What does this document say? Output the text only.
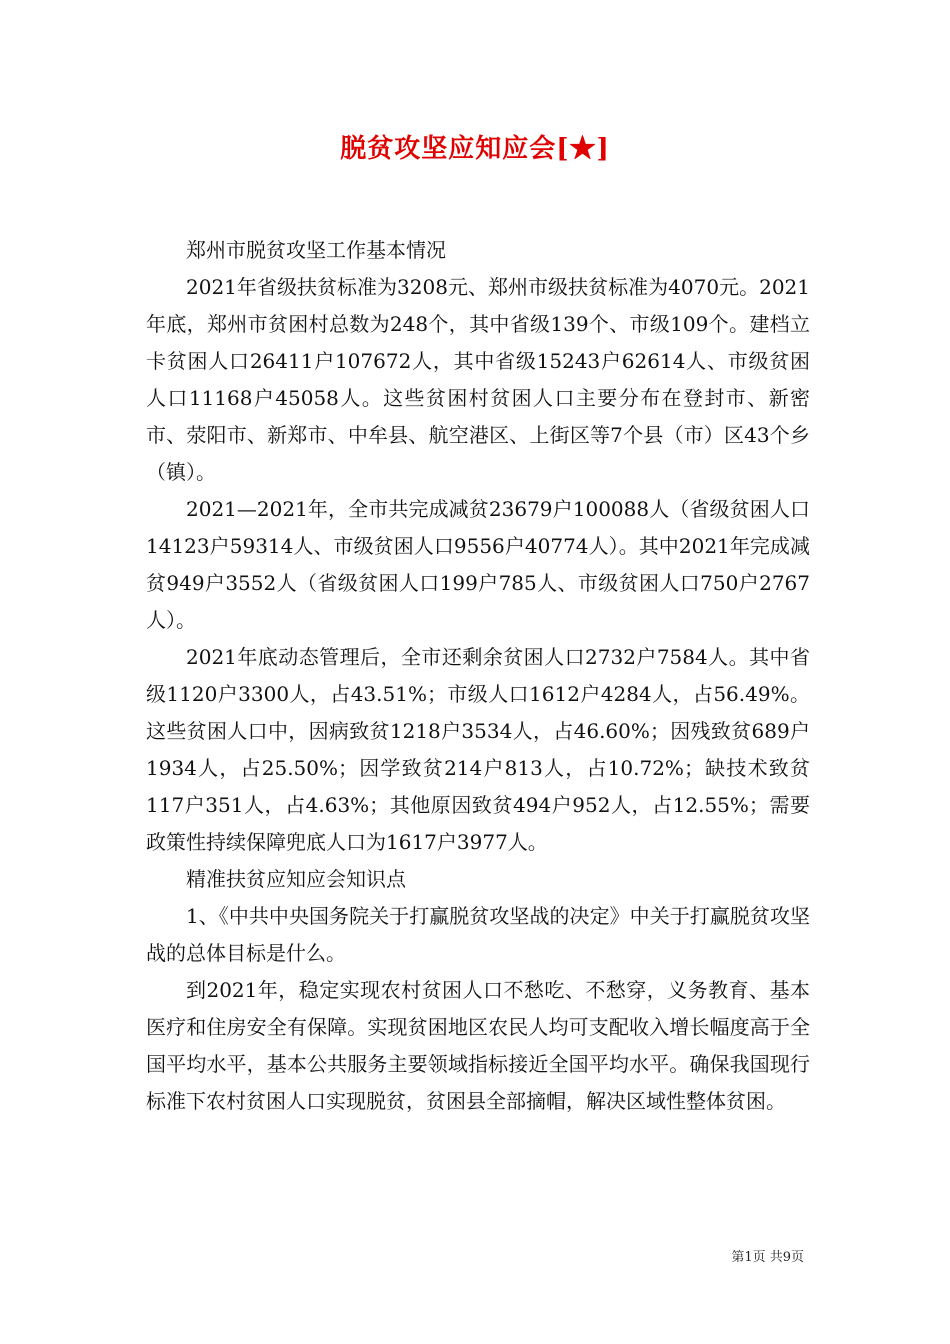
脱贫攻坚应知应会[★]

郑州市脱贫攻坚工作基本情况

2021年省级扶贫标准为3208元、郑州市级扶贫标准为4070元。2021年底，郑州市贫困村总数为248个，其中省级139个、市级109个。建档立卡贫困人口26411户107672人，其中省级15243户62614人、市级贫困人口11168户45058人。这些贫困村贫困人口主要分布在登封市、新密市、荥阳市、新郑市、中牟县、航空港区、上街区等7个县（市）区43个乡（镇）。

2021—2021年，全市共完成减贫23679户100088人（省级贫困人口14123户59314人、市级贫困人口9556户40774人）。其中2021年完成减贫949户3552人（省级贫困人口199户785人、市级贫困人口750户2767人）。

2021年底动态管理后，全市还剩余贫困人口2732户7584人。其中省级1120户3300人，占43.51%；市级人口1612户4284人，占56.49%。这些贫困人口中，因病致贫1218户3534人，占46.60%；因残致贫689户1934人，占25.50%；因学致贫214户813人，占10.72%；缺技术致贫117户351人，占4.63%；其他原因致贫494户952人，占12.55%；需要政策性持续保障兜底人口为1617户3977人。

精准扶贫应知应会知识点

1、《中共中央国务院关于打赢脱贫攻坚战的决定》中关于打赢脱贫攻坚战的总体目标是什么。

到2021年，稳定实现农村贫困人口不愁吃、不愁穿，义务教育、基本医疗和住房安全有保障。实现贫困地区农民人均可支配收入增长幅度高于全国平均水平，基本公共服务主要领域指标接近全国平均水平。确保我国现行标准下农村贫困人口实现脱贫，贫困县全部摘帽，解决区域性整体贫困。

第1页 共9页
